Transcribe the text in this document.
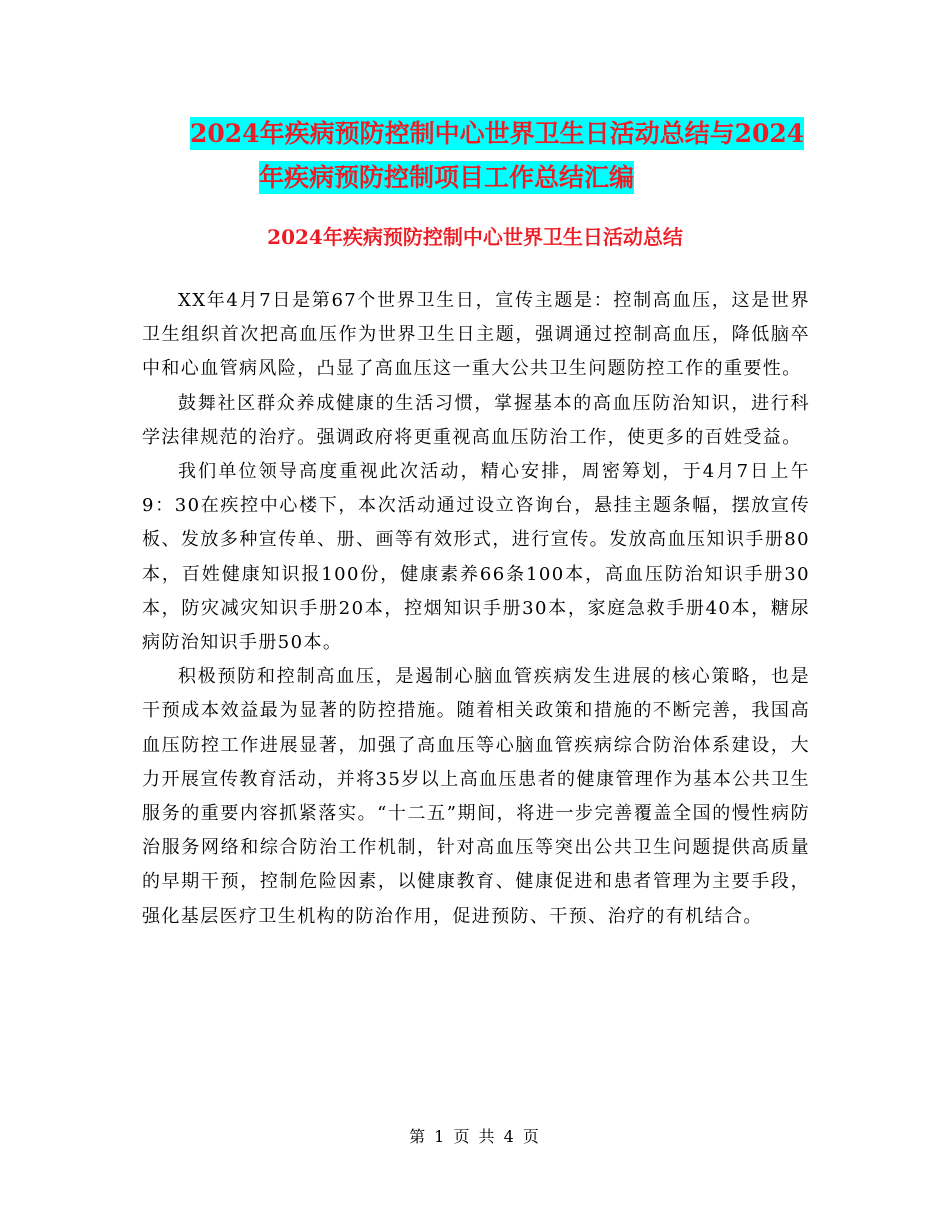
2024年疾病预防控制中心世界卫生日活动总结与2024
年疾病预防控制项目工作总结汇编
2024年疾病预防控制中心世界卫生日活动总结

XX年4月7日是第67个世界卫生日，宣传主题是：控制高血压，这是世界卫生组织首次把高血压作为世界卫生日主题，强调通过控制高血压，降低脑卒中和心血管病风险，凸显了高血压这一重大公共卫生问题防控工作的重要性。

鼓舞社区群众养成健康的生活习惯，掌握基本的高血压防治知识，进行科学法律规范的治疗。强调政府将更重视高血压防治工作，使更多的百姓受益。

我们单位领导高度重视此次活动，精心安排，周密筹划，于4月7日上午9：30在疾控中心楼下，本次活动通过设立咨询台，悬挂主题条幅，摆放宣传板、发放多种宣传单、册、画等有效形式，进行宣传。发放高血压知识手册80本，百姓健康知识报100份，健康素养66条100本，高血压防治知识手册30本，防灾减灾知识手册20本，控烟知识手册30本，家庭急救手册40本，糖尿病防治知识手册50本。

积极预防和控制高血压，是遏制心脑血管疾病发生进展的核心策略，也是干预成本效益最为显著的防控措施。随着相关政策和措施的不断完善，我国高血压防控工作进展显著，加强了高血压等心脑血管疾病综合防治体系建设，大力开展宣传教育活动，并将35岁以上高血压患者的健康管理作为基本公共卫生服务的重要内容抓紧落实。“十二五”期间，将进一步完善覆盖全国的慢性病防治服务网络和综合防治工作机制，针对高血压等突出公共卫生问题提供高质量的早期干预，控制危险因素，以健康教育、健康促进和患者管理为主要手段，强化基层医疗卫生机构的防治作用，促进预防、干预、治疗的有机结合。

第 1 页 共 4 页
